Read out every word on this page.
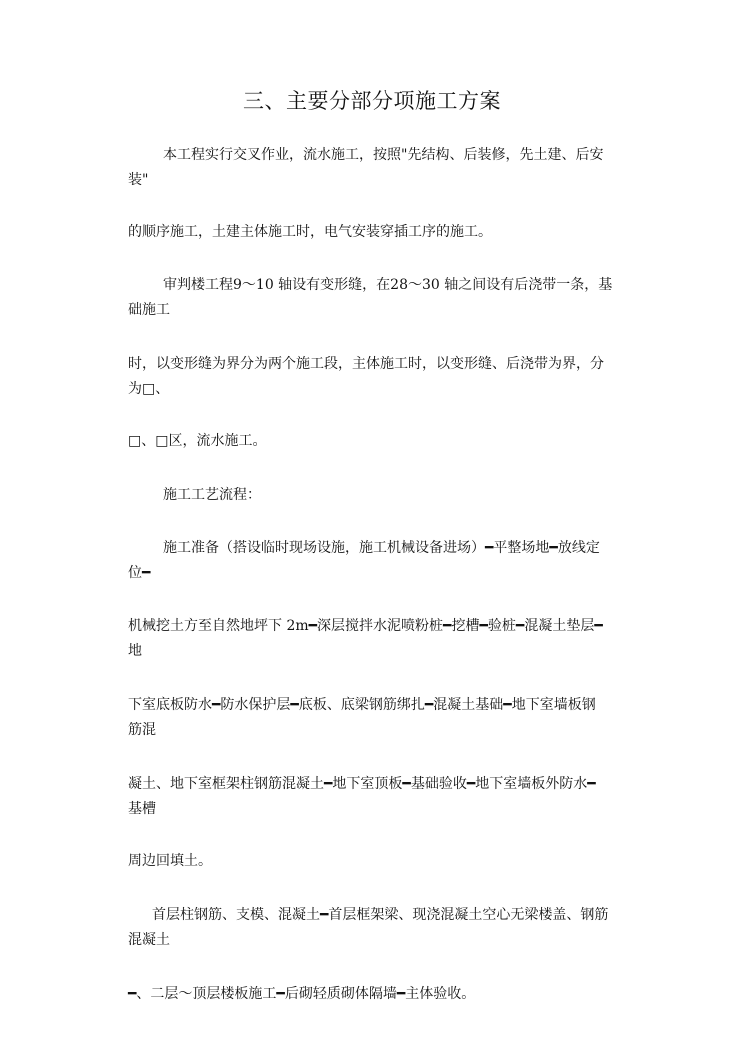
三、主要分部分项施工方案
本工程实行交叉作业，流水施工，按照"先结构、后装修，先土建、后安
装"
的顺序施工，土建主体施工时，电气安装穿插工序的施工。
审判楼工程9～10 轴设有变形缝，在28～30 轴之间设有后浇带一条，基
础施工
时，以变形缝为界分为两个施工段，主体施工时，以变形缝、后浇带为界，分
为□、
□、□区，流水施工。
施工工艺流程：
施工准备（搭设临时现场设施，施工机械设备进场）━平整场地━放线定
位━
机械挖土方至自然地坪下 2m━深层搅拌水泥喷粉桩━挖槽━验桩━混凝土垫层━
地
下室底板防水━防水保护层━底板、底梁钢筋绑扎━混凝土基础━地下室墙板钢
筋混
凝土、地下室框架柱钢筋混凝土━地下室顶板━基础验收━地下室墙板外防水━
基槽
周边回填土。
首层柱钢筋、支模、混凝土━首层框架梁、现浇混凝土空心无梁楼盖、钢筋
混凝土
━、二层～顶层楼板施工━后砌轻质砌体隔墙━主体验收。
